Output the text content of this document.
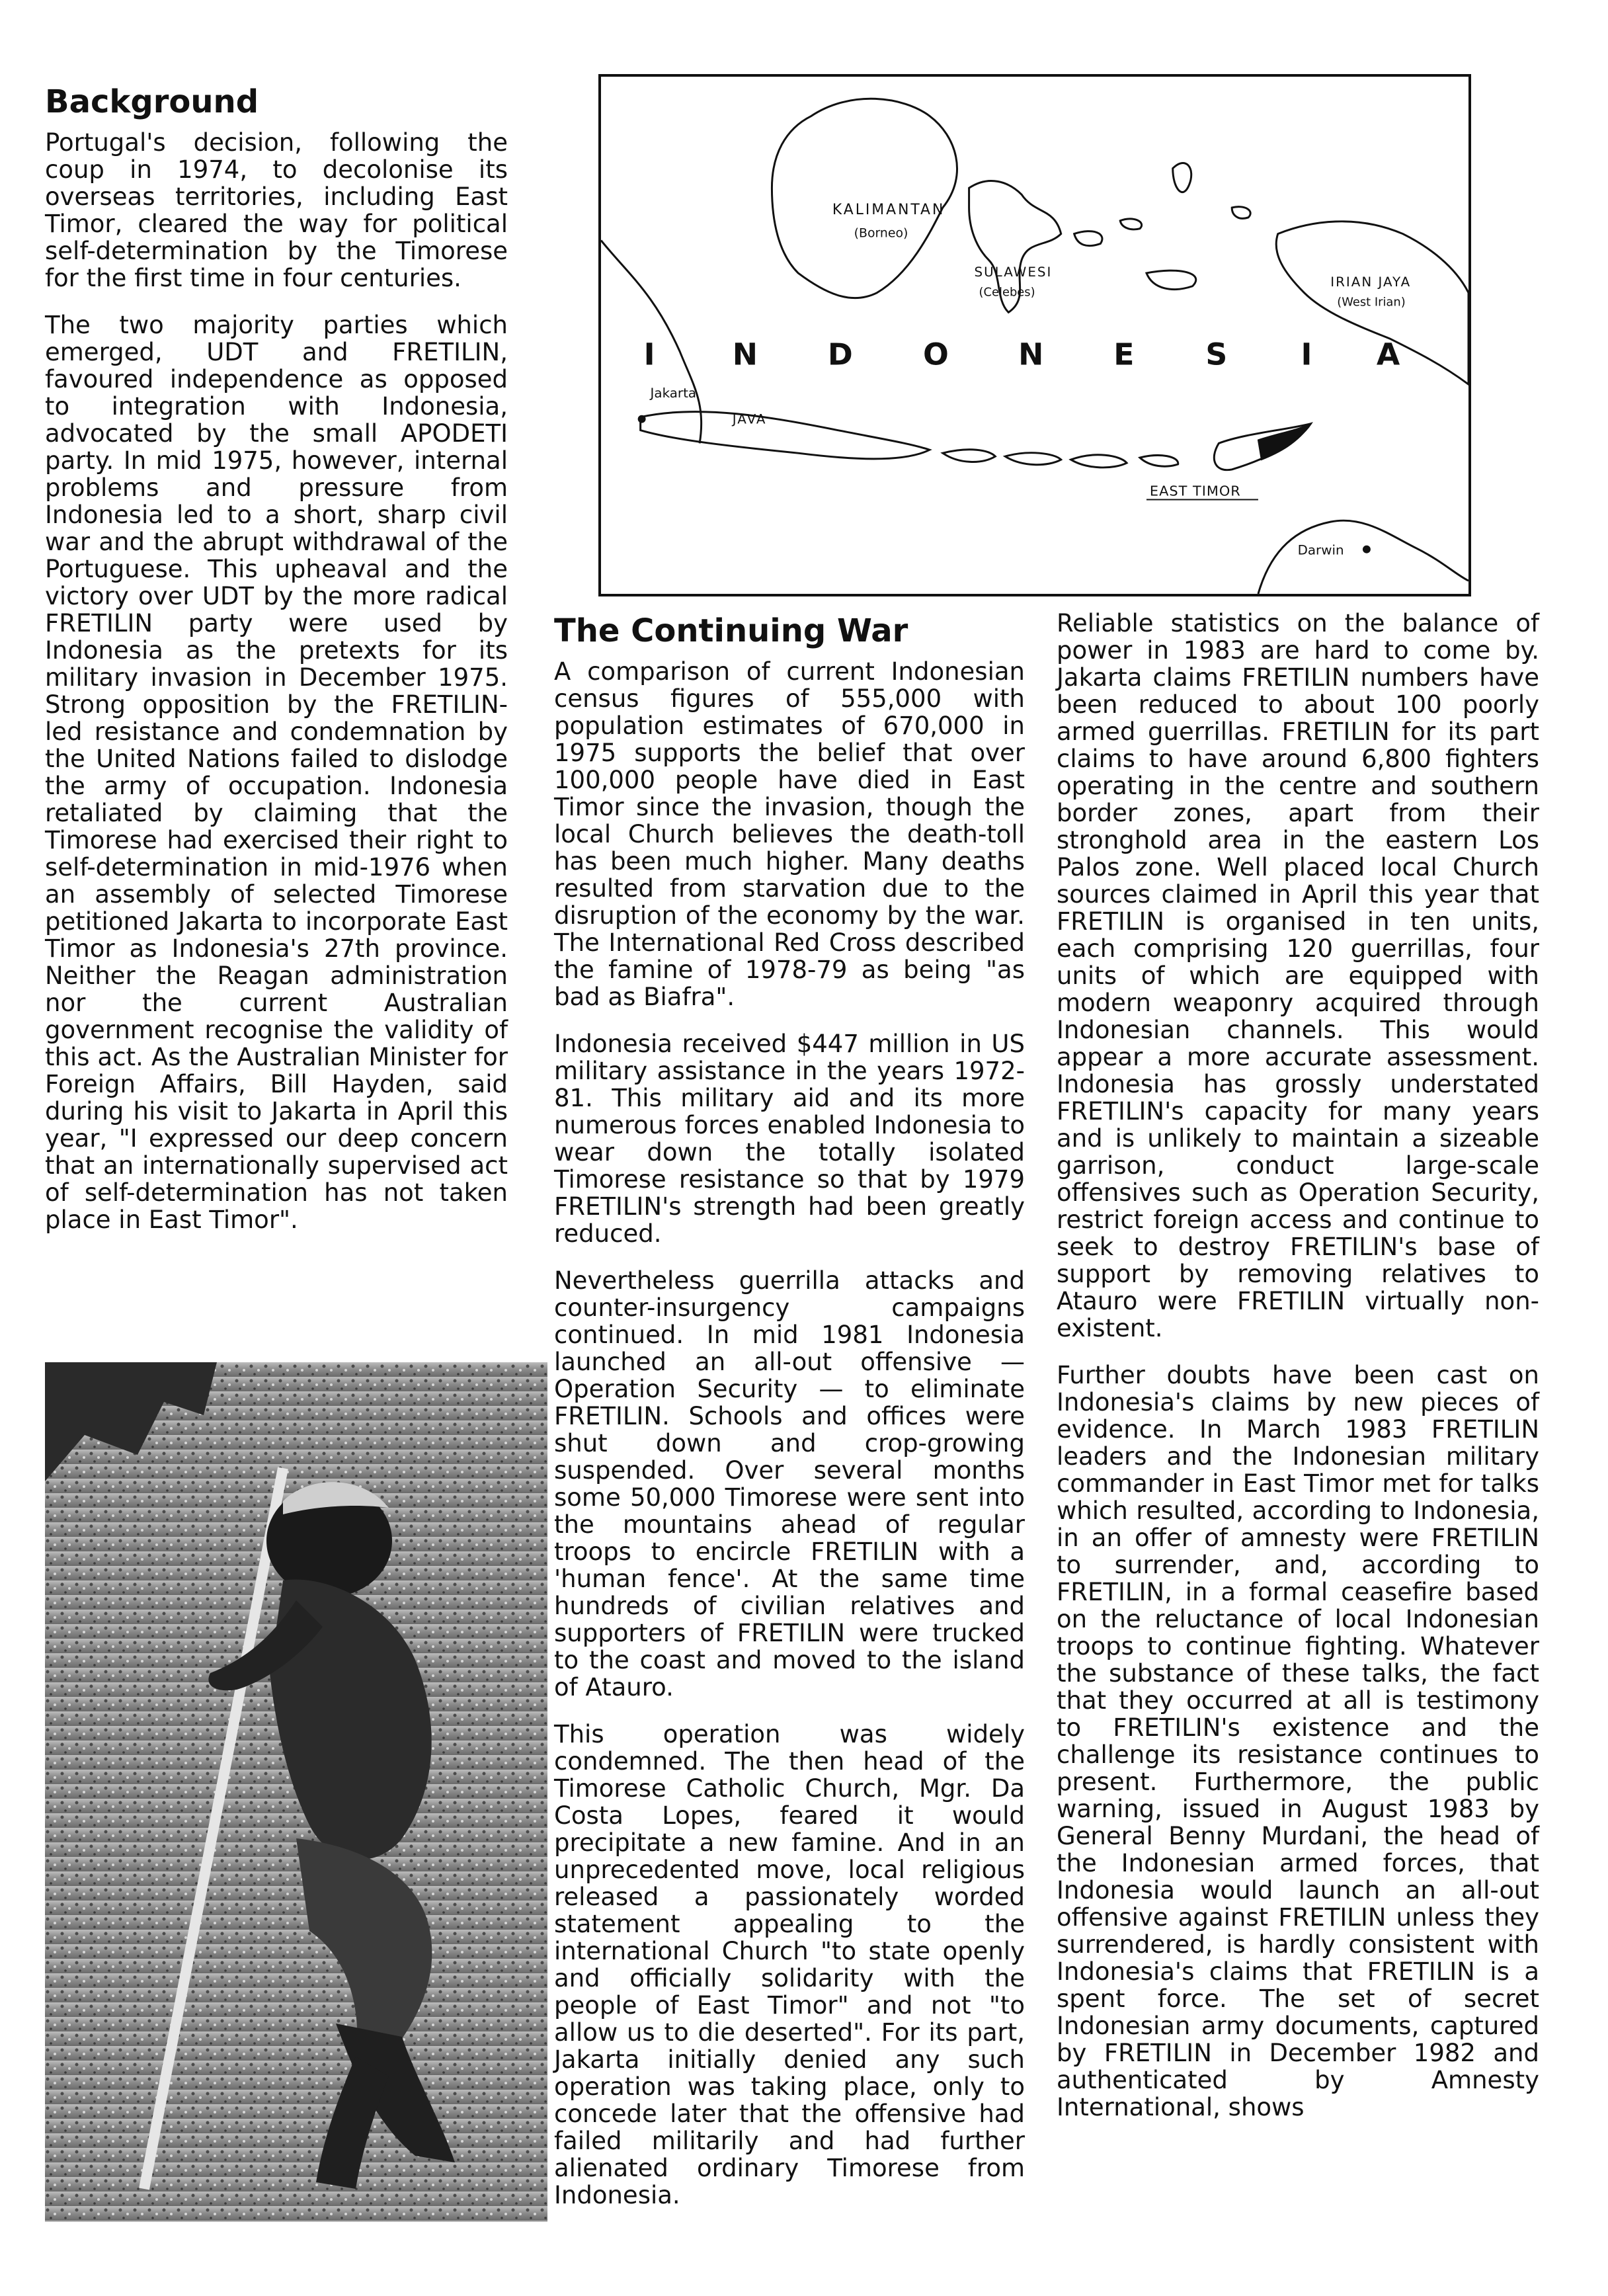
Background

Portugal's decision, following the coup in 1974, to decolonise its overseas territories, including East Timor, cleared the way for political self-determination by the Timorese for the first time in four centuries.

The two majority parties which emerged, UDT and FRETILIN, favoured independence as opposed to integration with Indonesia, advocated by the small APODETI party. In mid 1975, however, internal problems and pressure from Indonesia led to a short, sharp civil war and the abrupt withdrawal of the Portuguese. This upheaval and the victory over UDT by the more radical FRETILIN party were used by Indonesia as the pretexts for its military invasion in December 1975. Strong opposition by the FRETILIN-led resistance and condemnation by the United Nations failed to dislodge the army of occupation. Indonesia retaliated by claiming that the Timorese had exercised their right to self-determination in mid-1976 when an assembly of selected Timorese petitioned Jakarta to incorporate East Timor as Indonesia's 27th province. Neither the Reagan administration nor the current Australian government recognise the validity of this act. As the Australian Minister for Foreign Affairs, Bill Hayden, said during his visit to Jakarta in April this year, "I expressed our deep concern that an internationally supervised act of self-determination has not taken place in East Timor".

KALIMANTAN
(Borneo)
SULAWESI
(Celebes)
IRIAN JAYA
(West Irian)
I	N D O N E S I A
Jakarta
JAVA
EAST TIMOR
Darwin
The Continuing War

A comparison of current Indonesian census figures of 555,000 with population estimates of 670,000 in 1975 supports the belief that over 100,000 people have died in East Timor since the invasion, though the local Church believes the death-toll has been much higher. Many deaths resulted from starvation due to the disruption of the economy by the war. The International Red Cross described the famine of 1978-79 as being "as bad as Biafra".

Indonesia received $447 million in US military assistance in the years 1972-81. This military aid and its more numerous forces enabled Indonesia to wear down the totally isolated Timorese resistance so that by 1979 FRETILIN's strength had been greatly reduced.

Nevertheless guerrilla attacks and counter-insurgency campaigns continued. In mid 1981 Indonesia launched an all-out offensive — Operation Security — to eliminate FRETILIN. Schools and offices were shut down and crop-growing suspended. Over several months some 50,000 Timorese were sent into the mountains ahead of regular troops to encircle FRETILIN with a 'human fence'. At the same time hundreds of civilian relatives and supporters of FRETILIN were trucked to the coast and moved to the island of Atauro.

This operation was widely condemned. The then head of the Timorese Catholic Church, Mgr. Da Costa Lopes, feared it would precipitate a new famine. And in an unprecedented move, local religious released a passionately worded statement appealing to the international Church "to state openly and officially solidarity with the people of East Timor" and not "to allow us to die deserted". For its part, Jakarta initially denied any such operation was taking place, only to concede later that the offensive had failed militarily and had further alienated ordinary Timorese from Indonesia.

Reliable statistics on the balance of power in 1983 are hard to come by. Jakarta claims FRETILIN numbers have been reduced to about 100 poorly armed guerrillas. FRETILIN for its part claims to have around 6,800 fighters operating in the centre and southern border zones, apart from their stronghold area in the eastern Los Palos zone. Well placed local Church sources claimed in April this year that FRETILIN is organised in ten units, each comprising 120 guerrillas, four units of which are equipped with modern weaponry acquired through Indonesian channels. This would appear a more accurate assessment. Indonesia has grossly understated FRETILIN's capacity for many years and is unlikely to maintain a sizeable garrison, conduct large-scale offensives such as Operation Security, restrict foreign access and continue to seek to destroy FRETILIN's base of support by removing relatives to Atauro were FRETILIN virtually non-existent.

Further doubts have been cast on Indonesia's claims by new pieces of evidence. In March 1983 FRETILIN leaders and the Indonesian military commander in East Timor met for talks which resulted, according to Indonesia, in an offer of amnesty were FRETILIN to surrender, and, according to FRETILIN, in a formal ceasefire based on the reluctance of local Indonesian troops to continue fighting. Whatever the substance of these talks, the fact that they occurred at all is testimony to FRETILIN's existence and the challenge its resistance continues to present. Furthermore, the public warning, issued in August 1983 by General Benny Murdani, the head of the Indonesian armed forces, that Indonesia would launch an all-out offensive against FRETILIN unless they surrendered, is hardly consistent with Indonesia's claims that FRETILIN is a spent force. The set of secret Indonesian army documents, captured by FRETILIN in December 1982 and authenticated by Amnesty International, shows
